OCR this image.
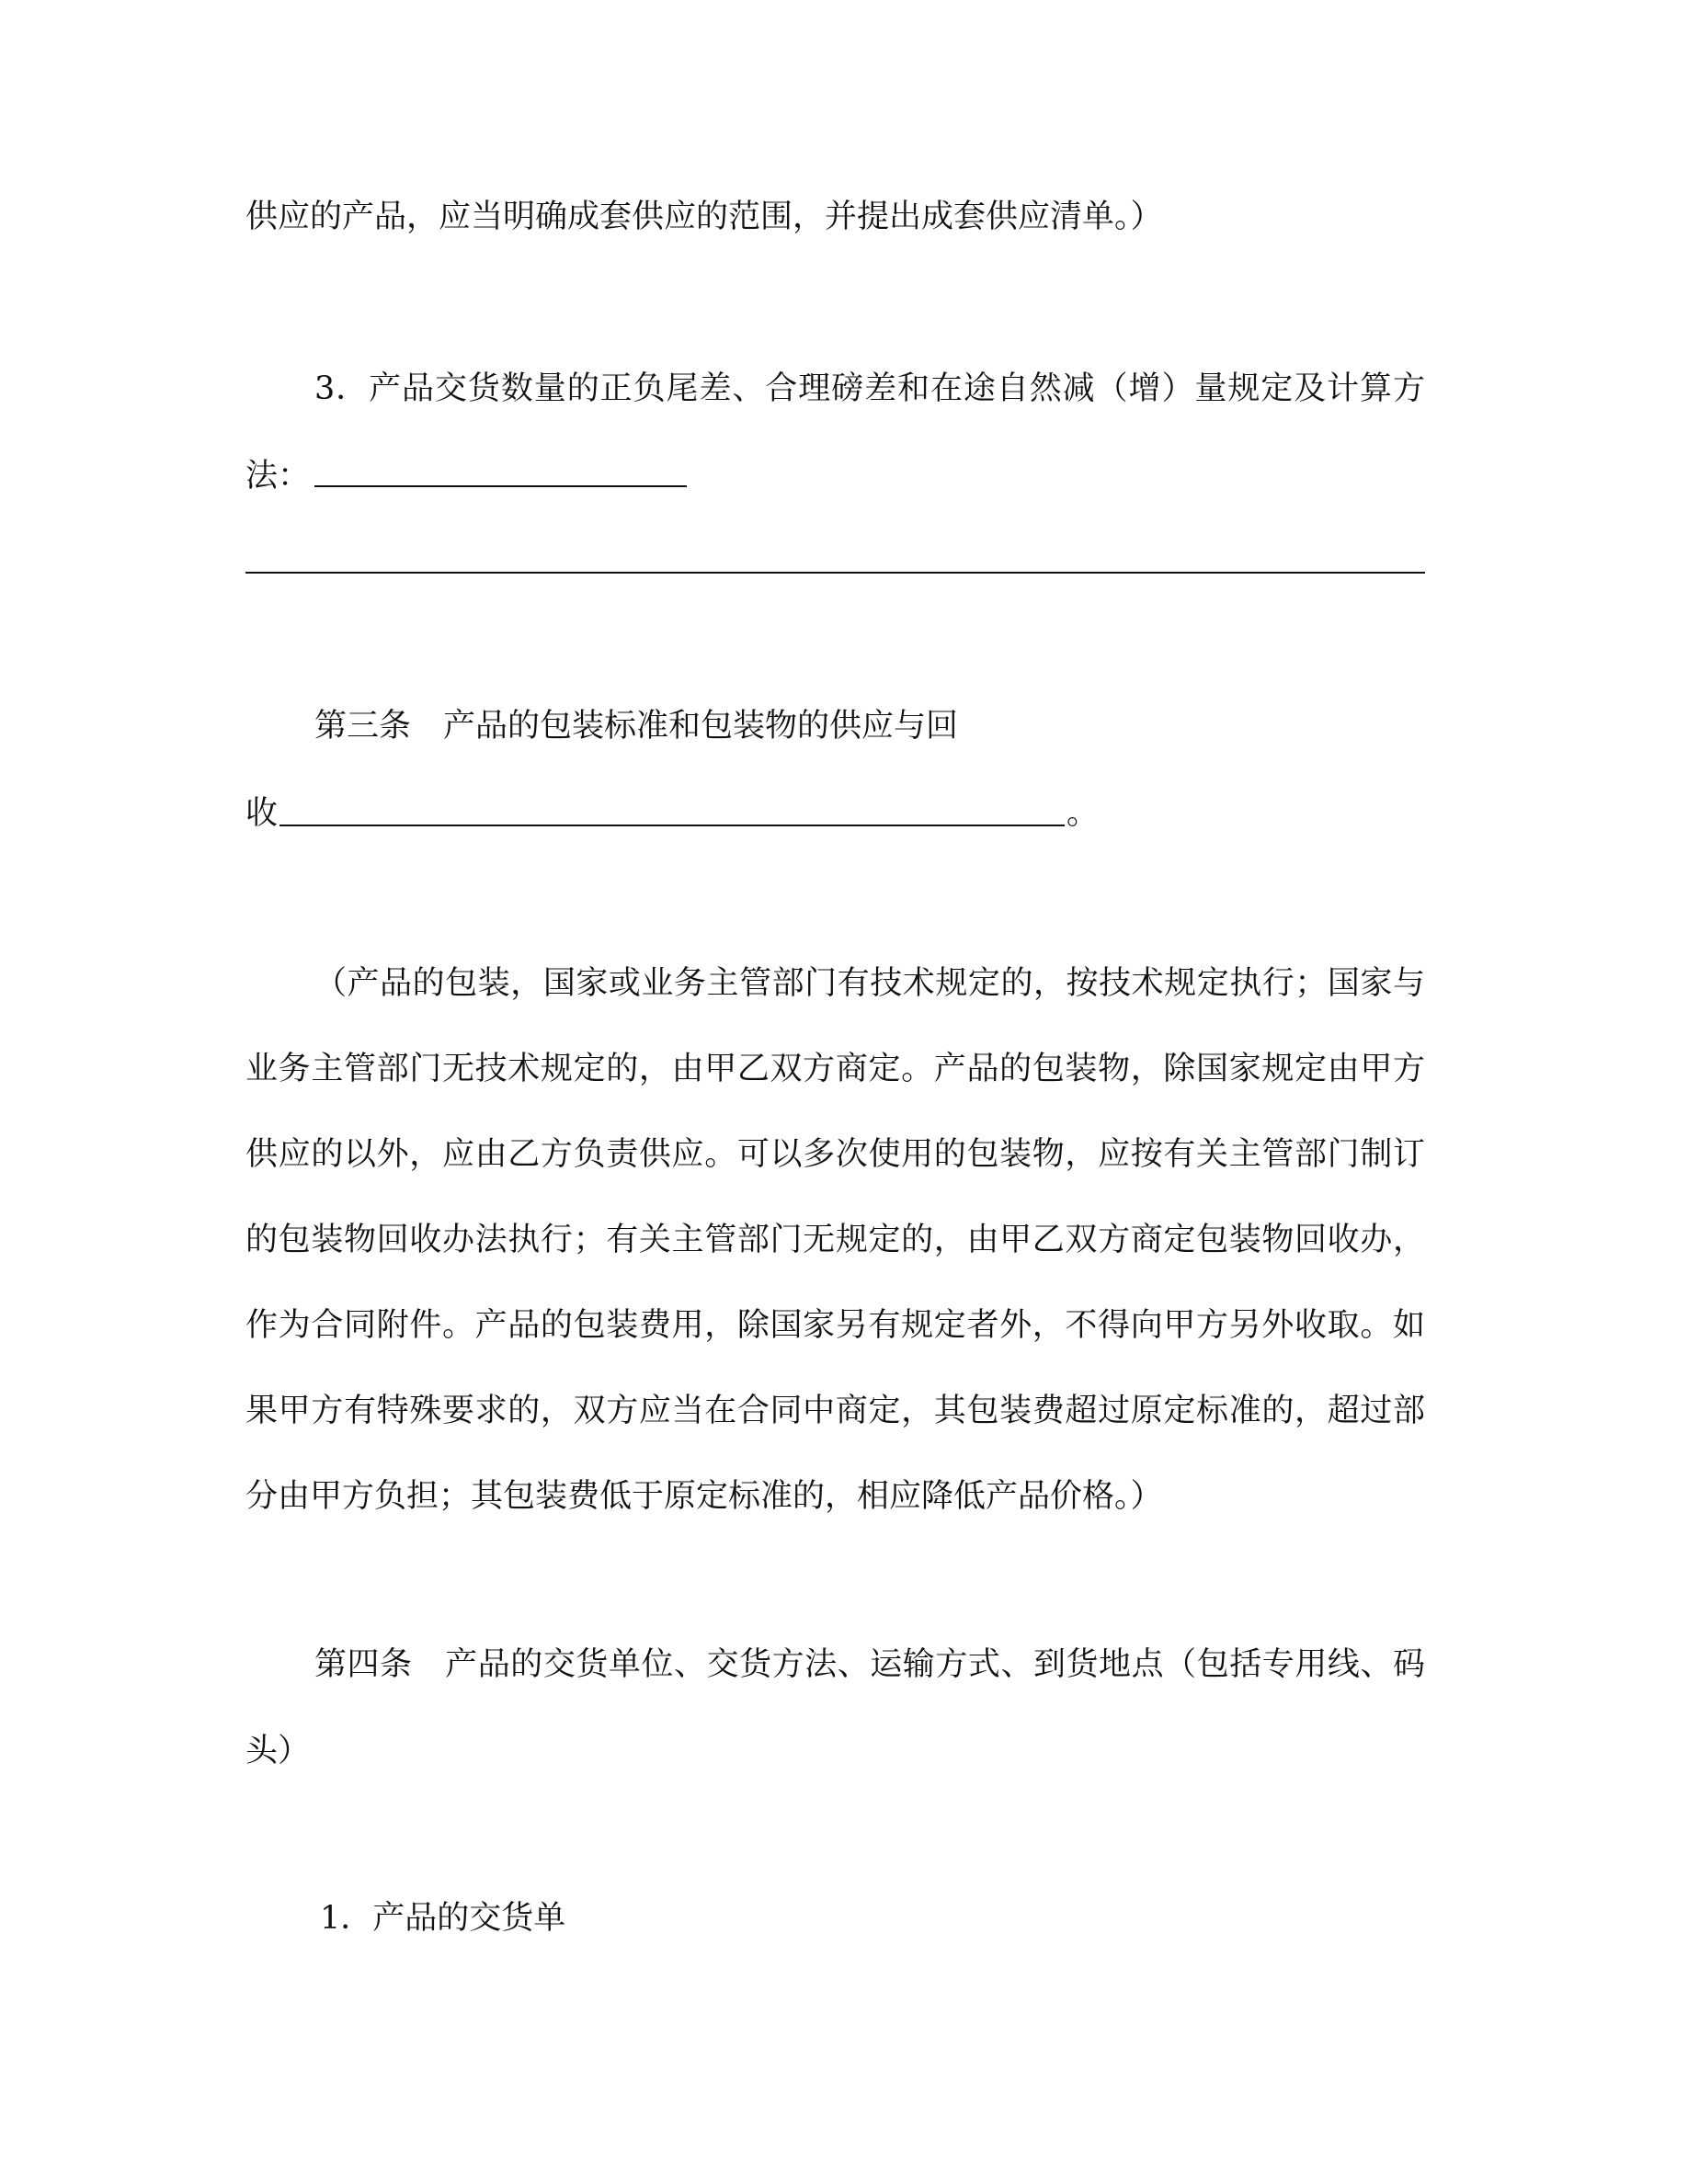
供应的产品，应当明确成套供应的范围，并提出成套供应清单。）
3．产品交货数量的正负尾差、合理磅差和在途自然减（增）量规定及计算方
法：
第三条　产品的包装标准和包装物的供应与回
收	。
（产品的包装，国家或业务主管部门有技术规定的，按技术规定执行；国家与
业务主管部门无技术规定的，由甲乙双方商定。产品的包装物，除国家规定由甲方
供应的以外，应由乙方负责供应。可以多次使用的包装物，应按有关主管部门制订
的包装物回收办法执行；有关主管部门无规定的，由甲乙双方商定包装物回收办，
作为合同附件。产品的包装费用，除国家另有规定者外，不得向甲方另外收取。如
果甲方有特殊要求的，双方应当在合同中商定，其包装费超过原定标准的，超过部
分由甲方负担；其包装费低于原定标准的，相应降低产品价格。）
第四条　产品的交货单位、交货方法、运输方式、到货地点（包括专用线、码
头）
1．产品的交货单
